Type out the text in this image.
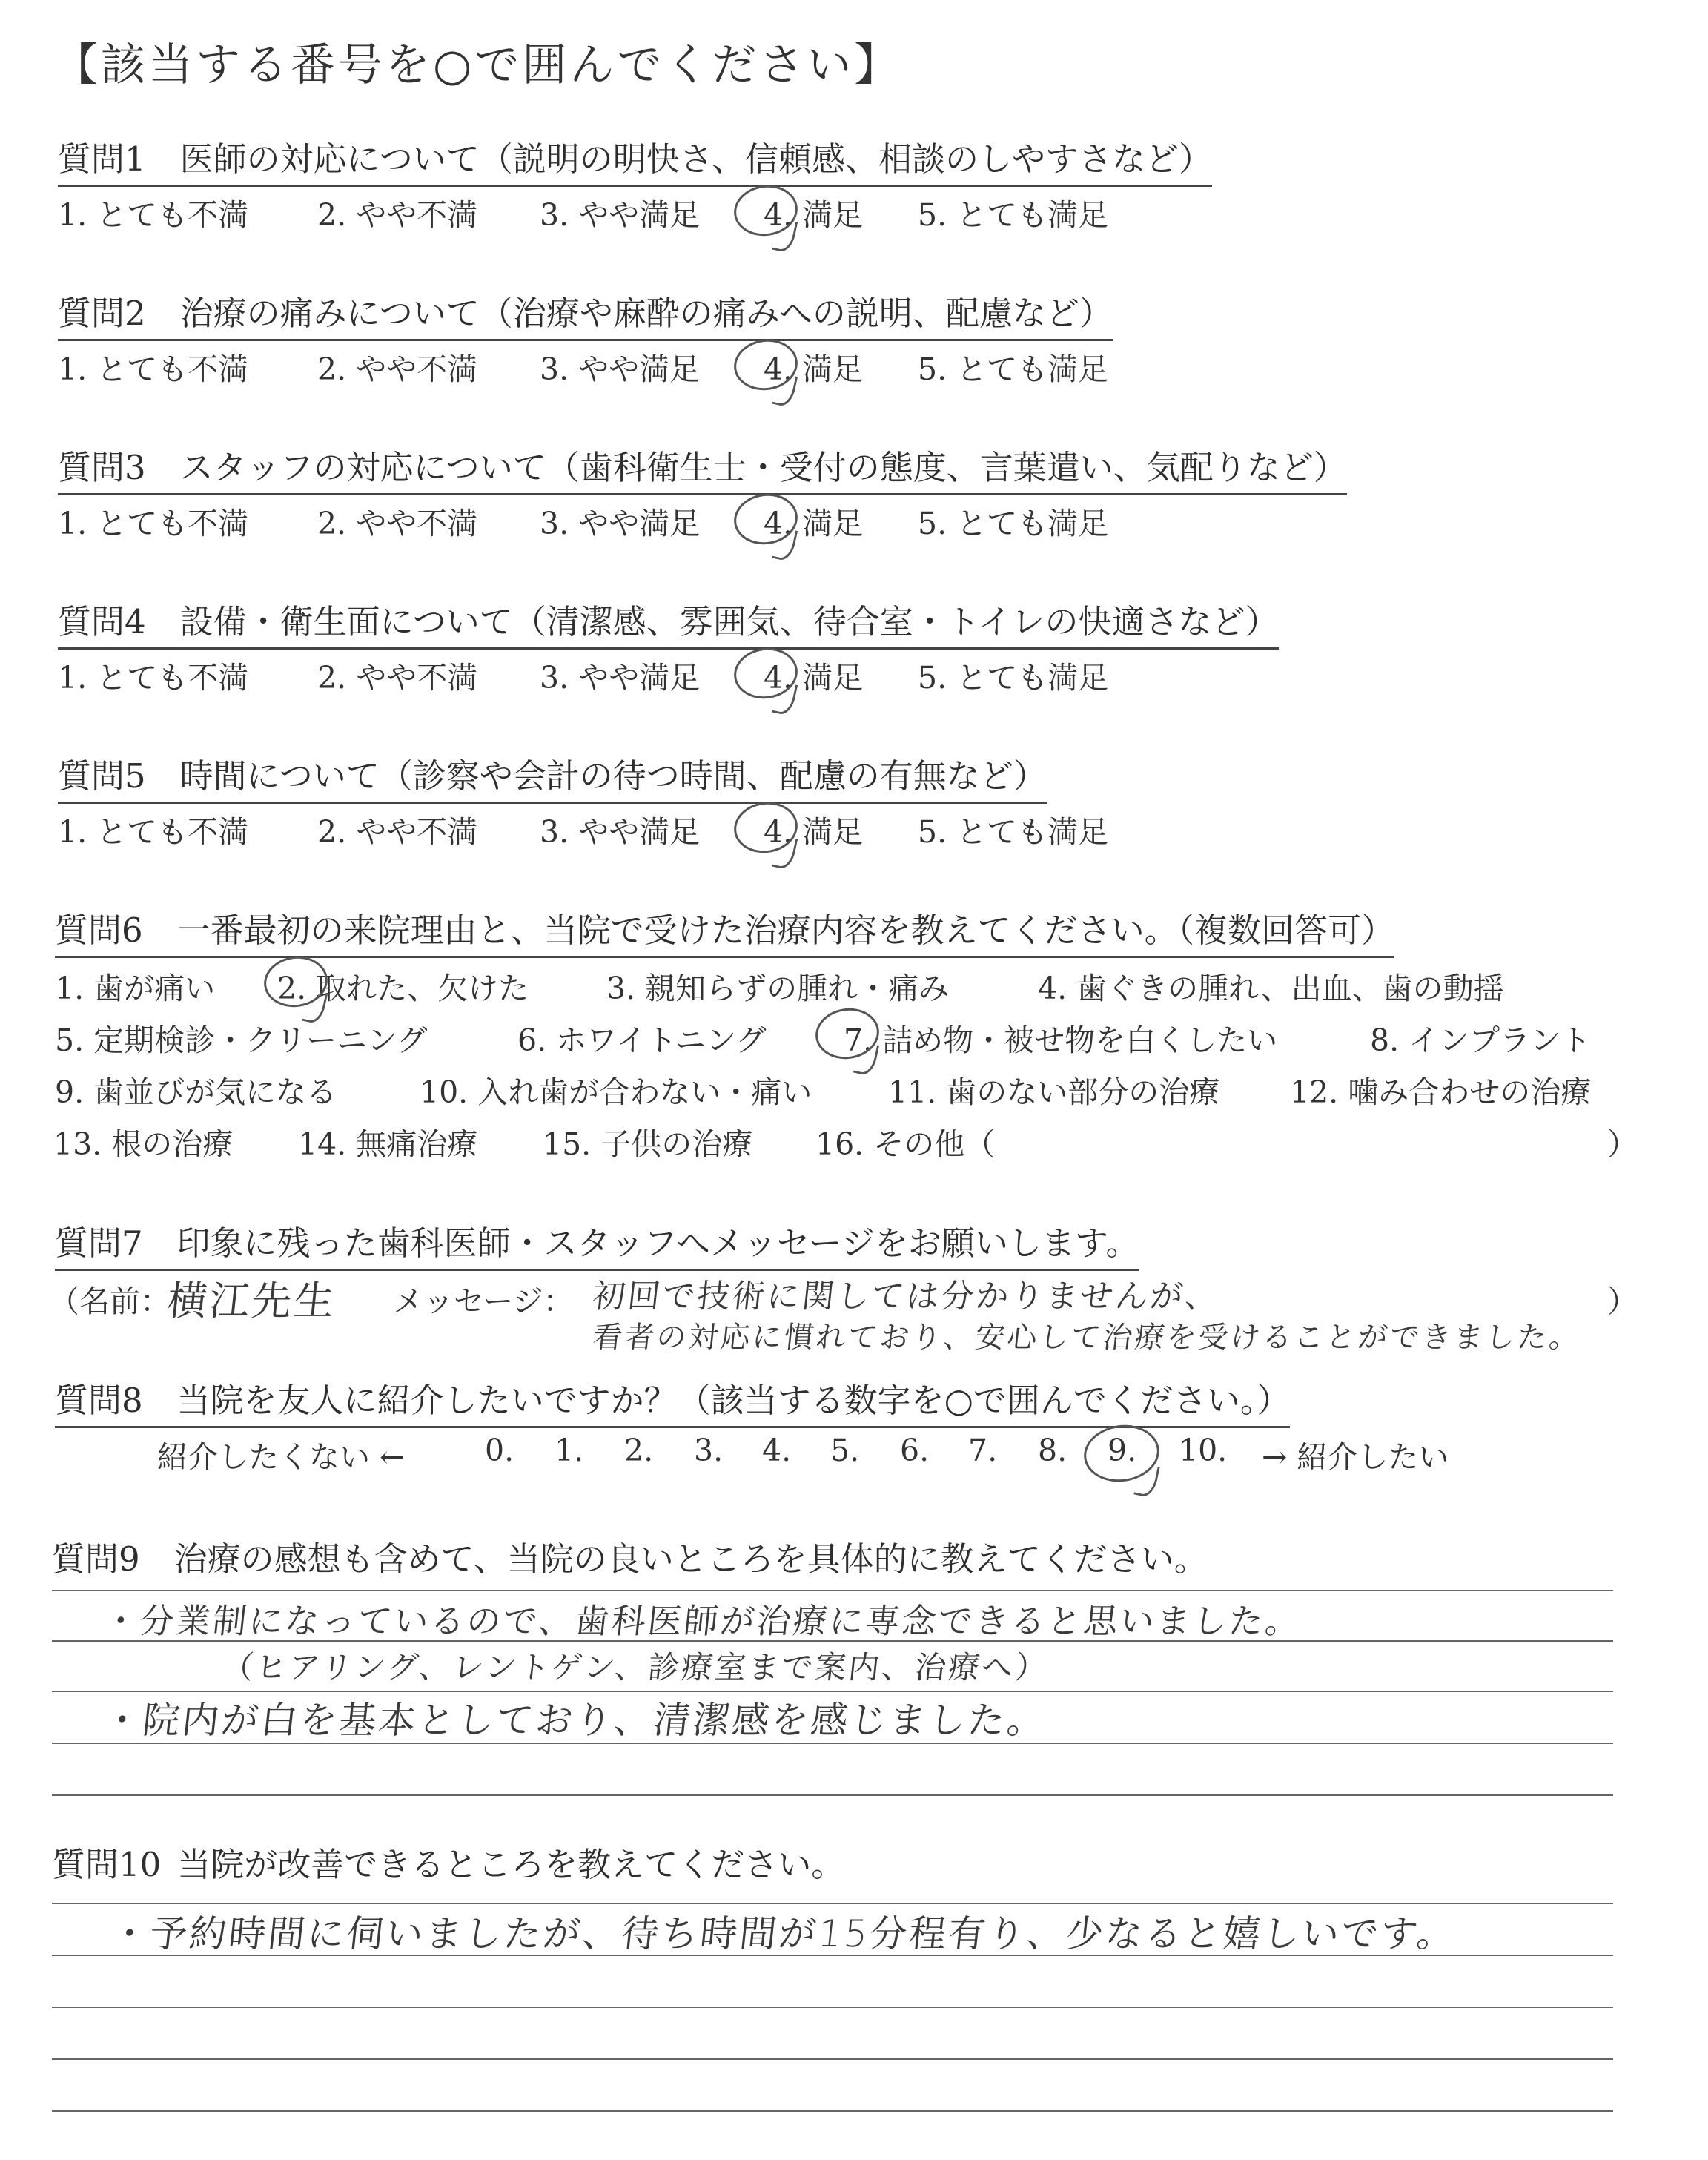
【該当する番号を○で囲んでください】
質問1 医師の対応について（説明の明快さ、信頼感、相談のしやすさなど）
1. とても不満 2. やや不満 3. やや満足 4. 満足 5. とても満足
質問2 治療の痛みについて（治療や麻酔の痛みへの説明、配慮など）
1. とても不満 2. やや不満 3. やや満足 4. 満足 5. とても満足
質問3 スタッフの対応について（歯科衛生士・受付の態度、言葉遣い、気配りなど）
1. とても不満 2. やや不満 3. やや満足 4. 満足 5. とても満足
質問4 設備・衛生面について（清潔感、雰囲気、待合室・トイレの快適さなど）
1. とても不満 2. やや不満 3. やや満足 4. 満足 5. とても満足
質問5 時間について（診察や会計の待つ時間、配慮の有無など）
1. とても不満 2. やや不満 3. やや満足 4. 満足 5. とても満足
質問6 一番最初の来院理由と、当院で受けた治療内容を教えてください。（複数回答可）
1. 歯が痛い 2. 取れた、欠けた	3. 親知らずの腫れ・痛み	4. 歯ぐきの腫れ、出血、歯の動揺
5. 定期検診・クリーニング	6. ホワイトニング	7. 詰め物・被せ物を白くしたい	8. インプラント
9. 歯並びが気になる	10. 入れ歯が合わない・痛い	11. 歯のない部分の治療 12. 噛み合わせの治療
13. 根の治療 14. 無痛治療 15. 子供の治療 16. その他（	）
質問7 印象に残った歯科医師・スタッフへメッセージをお願いします。
（名前：
横江先生 メッセージ： 初回で技術に関しては分かりませんが、
看者の対応に慣れており、安心して治療を受けることができました。
）
質問8 当院を友人に紹介したいですか？（該当する数字を○で囲んでください。）
紹介したくない ←	0. 1. 2. 3. 4. 5. 6. 7. 8. 9. 10. → 紹介したい
質問9 治療の感想も含めて、当院の良いところを具体的に教えてください。
・分業制になっているので、歯科医師が治療に専念できると思いました。
（ヒアリング、レントゲン、診療室まで案内、治療へ）
・院内が白を基本としており、清潔感を感じました。
質問10 当院が改善できるところを教えてください。
・予約時間に伺いましたが、待ち時間が15分程有り、少なると嬉しいです。
